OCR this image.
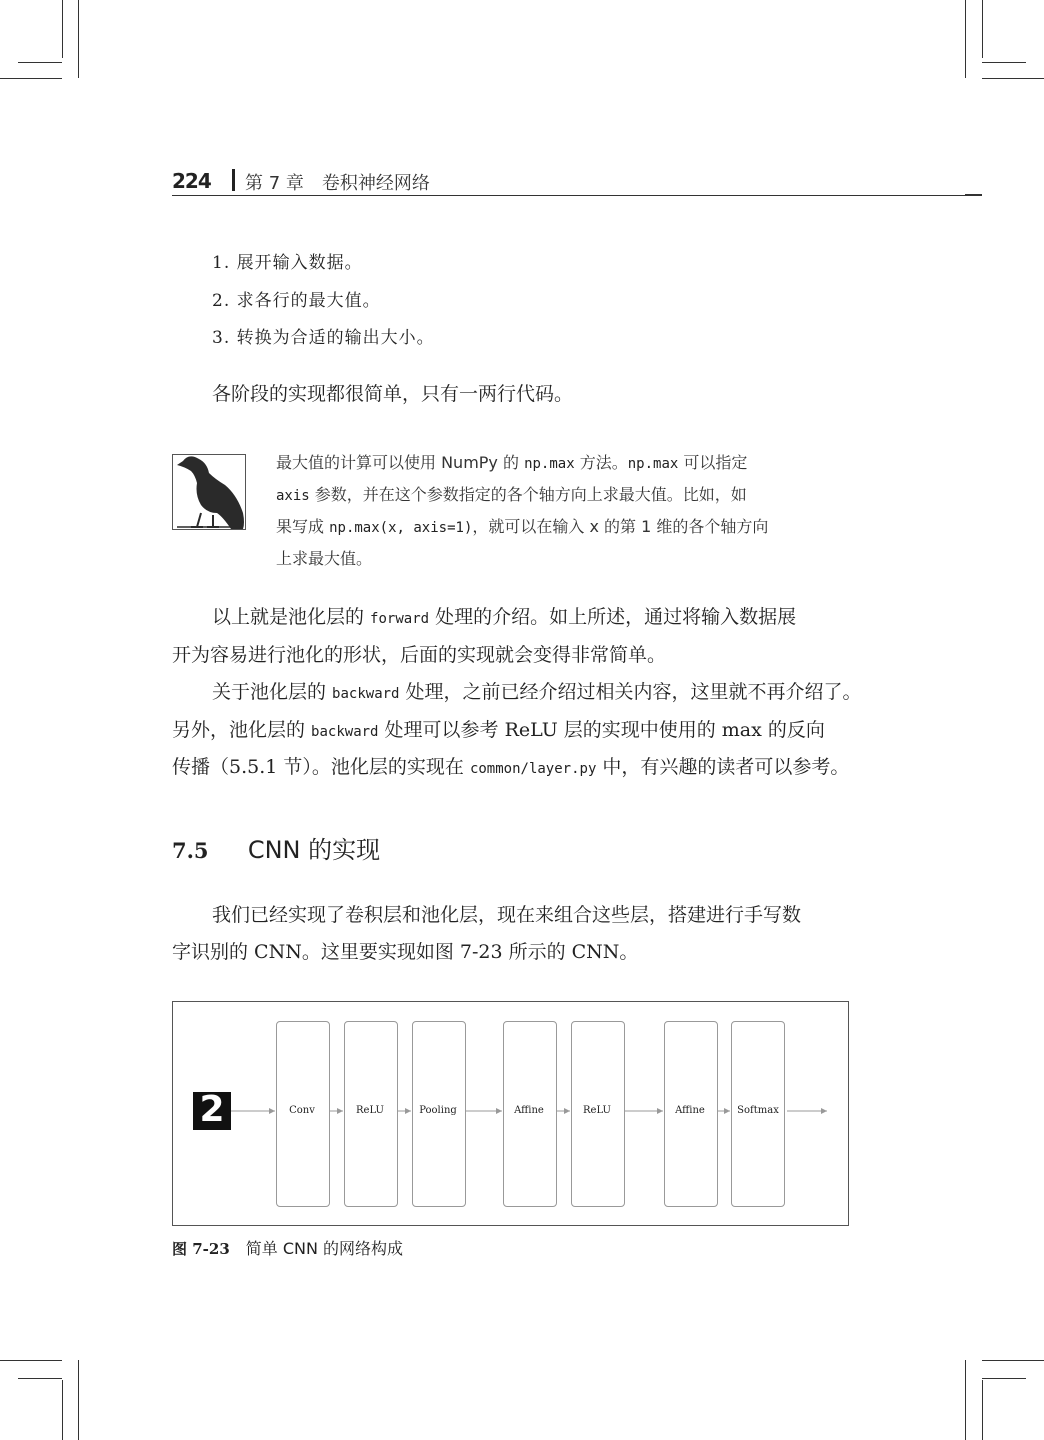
224 第 7 章　卷积神经网络
1. 展开输入数据。
2. 求各行的最大值。
3. 转换为合适的输出大小。
各阶段的实现都很简单，只有一两行代码。
最大值的计算可以使用 NumPy 的 np.max 方法。np.max 可以指定
axis 参数，并在这个参数指定的各个轴方向上求最大值。比如，如
果写成 np.max(x, axis=1)，就可以在输入 x 的第 1 维的各个轴方向
上求最大值。
以上就是池化层的 forward 处理的介绍。如上所述，通过将输入数据展
开为容易进行池化的形状，后面的实现就会变得非常简单。
关于池化层的 backward 处理，之前已经介绍过相关内容，这里就不再介绍了。
另外，池化层的 backward 处理可以参考 ReLU 层的实现中使用的 max 的反向
传播（5.5.1 节）。池化层的实现在 common/layer.py 中，有兴趣的读者可以参考。
7.5 CNN 的实现
我们已经实现了卷积层和池化层，现在来组合这些层，搭建进行手写数
字识别的 CNN。这里要实现如图 7-23 所示的 CNN。
2	Conv	ReLU	Pooling	Affine	ReLU	Affine	Softmax
图 7-23 简单 CNN 的网络构成
